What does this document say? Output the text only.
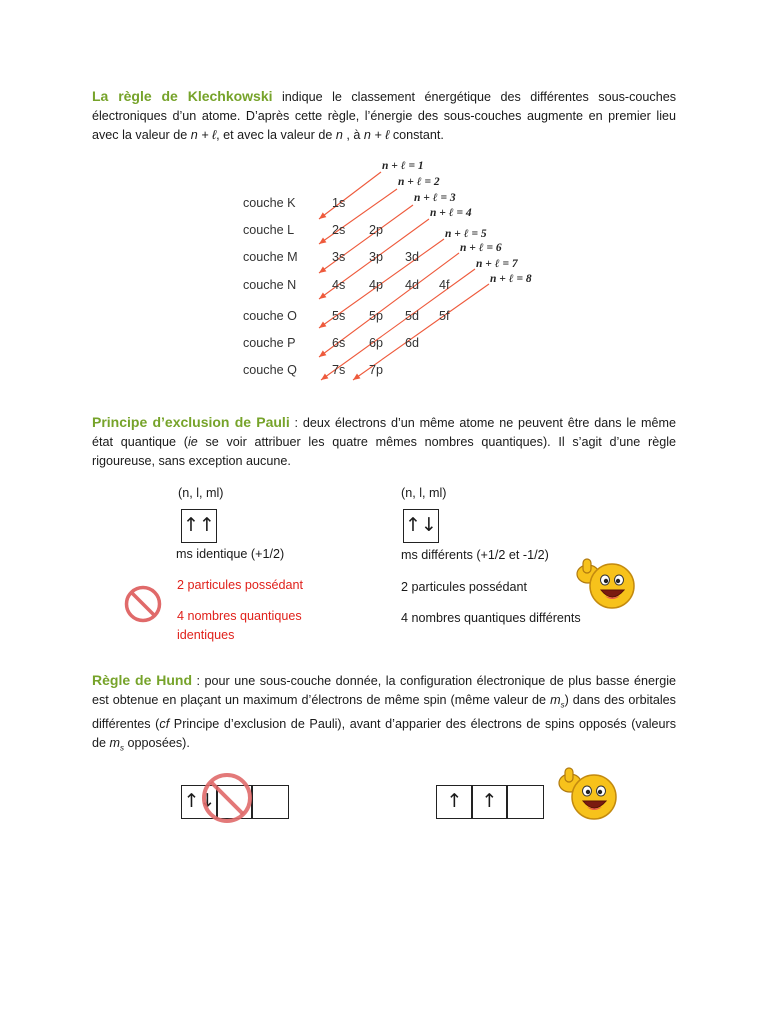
La règle de Klechkowski indique le classement énergétique des différentes sous-couches électroniques d’un atome. D’après cette règle, l’énergie des sous-couches augmente en premier lieu avec la valeur de n + ℓ, et avec la valeur de n , à n + ℓ constant.
couche K
couche L
couche M
couche N
couche O
couche P
couche Q
1s
2s 2p
3s 3p 3d
4s 4p 4d 4f
5s 5p 5d 5f
6s 6p 6d
7s 7p
n + ℓ = 1
n + ℓ = 2
n + ℓ = 3
n + ℓ = 4
n + ℓ = 5
n + ℓ = 6
n + ℓ = 7
n + ℓ = 8
Principe d’exclusion de Pauli : deux électrons d’un même atome ne peuvent être dans le même état quantique (ie se voir attribuer les quatre mêmes nombres quantiques). Il s’agit d’une règle rigoureuse, sans exception aucune.
(n, l, ml)
↑↑
ms identique (+1/2)
2 particules possédant
4 nombres quantiques
identiques
(n, l, ml)
↑↓
ms différents (+1/2 et -1/2)
2 particules possédant
4 nombres quantiques différents
Règle de Hund : pour une sous-couche donnée, la configuration électronique de plus basse énergie est obtenue en plaçant un maximum d’électrons de même spin (même valeur de $m_s$) dans des orbitales différentes (cf Principe d’exclusion de Pauli), avant d’apparier des électrons de spins opposés (valeurs de $m_s$ opposées).
↑↓	↑	↑
